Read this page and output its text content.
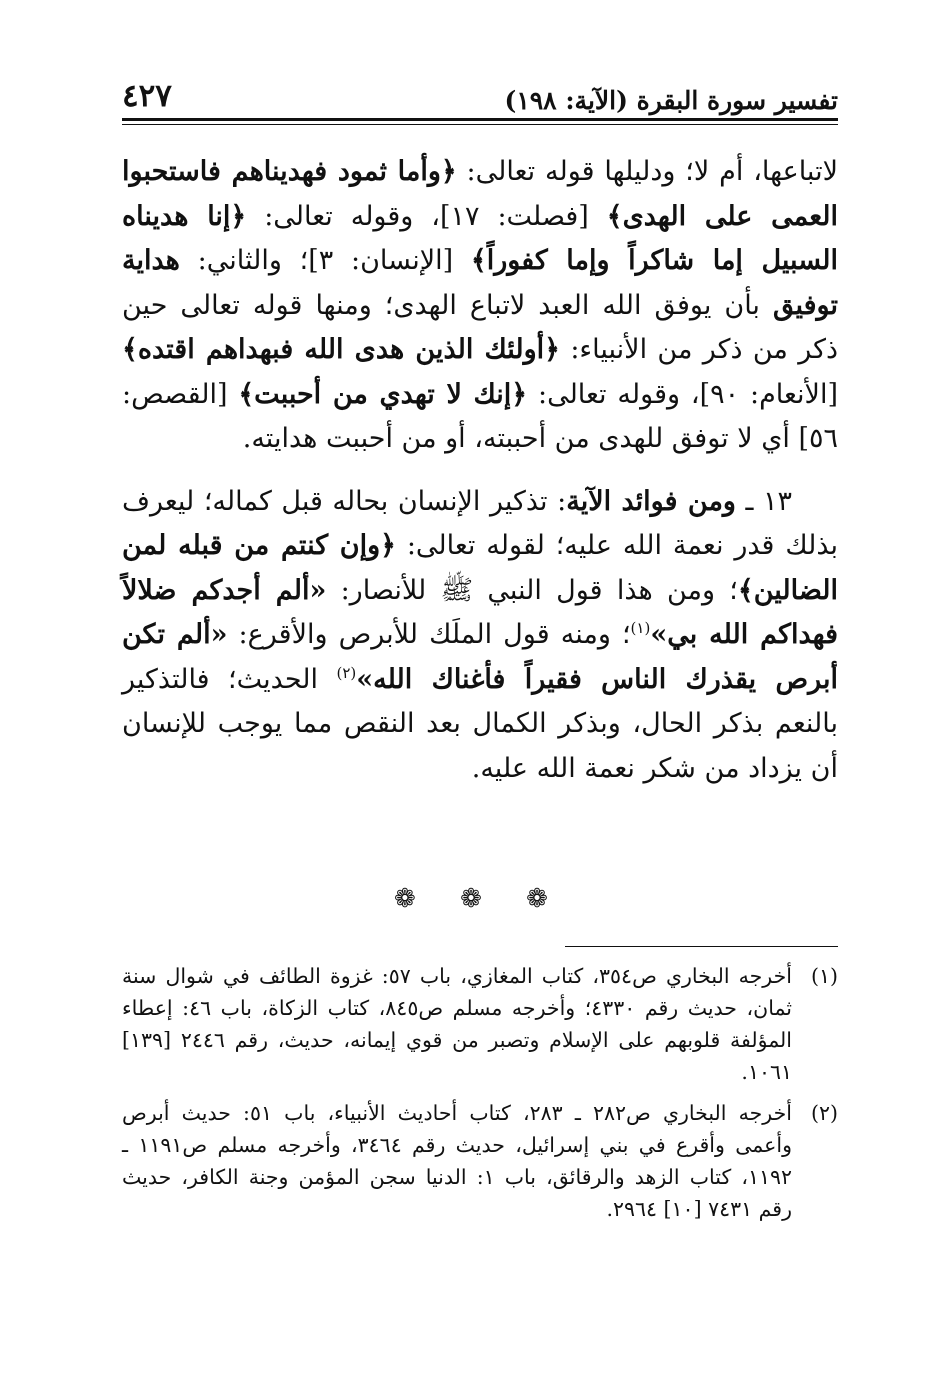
تفسير سورة البقرة (الآية: ١٩٨)
٤٢٧

لاتباعها، أم لا؛ ودليلها قوله تعالى: ﴿وأما ثمود فهديناهم فاستحبوا العمى على الهدى﴾ [فصلت: ١٧]، وقوله تعالى: ﴿إنا هديناه السبيل إما شاكراً وإما كفوراً﴾ [الإنسان: ٣]؛ والثاني: هداية توفيق بأن يوفق الله العبد لاتباع الهدى؛ ومنها قوله تعالى حين ذكر من ذكر من الأنبياء: ﴿أولئك الذين هدى الله فبهداهم اقتده﴾ [الأنعام: ٩٠]، وقوله تعالى: ﴿إنك لا تهدي من أحببت﴾ [القصص: ٥٦] أي لا توفق للهدى من أحببته، أو من أحببت هدايته.

١٣ ـ ومن فوائد الآية: تذكير الإنسان بحاله قبل كماله؛ ليعرف بذلك قدر نعمة الله عليه؛ لقوله تعالى: ﴿وإن كنتم من قبله لمن الضالين﴾؛ ومن هذا قول النبي ﷺ للأنصار: «ألم أجدكم ضلالاً فهداكم الله بي»$^{(١)}$؛ ومنه قول الملَك للأبرص والأقرع: «ألم تكن أبرص يقذرك الناس فقيراً فأغناك الله»$^{(٢)}$ الحديث؛ فالتذكير بالنعم بذكر الحال، وبذكر الكمال بعد النقص مما يوجب للإنسان أن يزداد من شكر نعمة الله عليه.

❁ ❁ ❁
(١)
أخرجه البخاري ص٣٥٤، كتاب المغازي، باب ٥٧: غزوة الطائف في شوال سنة ثمان، حديث رقم ٤٣٣٠؛ وأخرجه مسلم ص٨٤٥، كتاب الزكاة، باب ٤٦: إعطاء المؤلفة قلوبهم على الإسلام وتصبر من قوي إيمانه، حديث، رقم ٢٤٤٦ [١٣٩] ١٠٦١.
(٢)
أخرجه البخاري ص٢٨٢ ـ ٢٨٣، كتاب أحاديث الأنبياء، باب ٥١: حديث أبرص وأعمى وأقرع في بني إسرائيل، حديث رقم ٣٤٦٤، وأخرجه مسلم ص١١٩١ ـ ١١٩٢، كتاب الزهد والرقائق، باب ١: الدنيا سجن المؤمن وجنة الكافر، حديث رقم ٧٤٣١ [١٠] ٢٩٦٤.
